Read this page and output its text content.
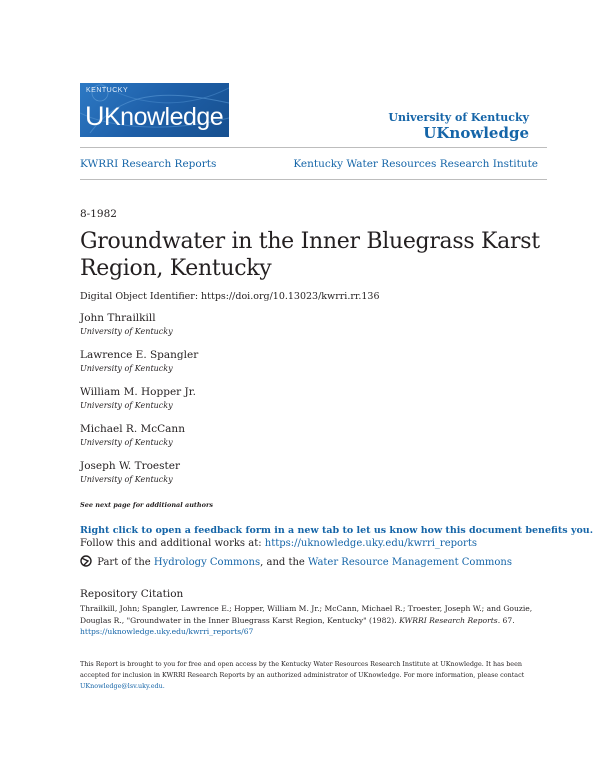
KENTUCKY
UKnowledge	University of Kentucky
UKnowledge
KWRRI Research Reports	Kentucky Water Resources Research Institute
8-1982
Groundwater in the Inner Bluegrass Karst Region, Kentucky
Digital Object Identifier: https://doi.org/10.13023/kwrri.rr.136
John Thrailkill
University of Kentucky
Lawrence E. Spangler
University of Kentucky
William M. Hopper Jr.
University of Kentucky
Michael R. McCann
University of Kentucky
Joseph W. Troester
University of Kentucky
See next page for additional authors
Right click to open a feedback form in a new tab to let us know how this document benefits you.
Follow this and additional works at: https://uknowledge.uky.edu/kwrri_reports
Part of the Hydrology Commons, and the Water Resource Management Commons
Repository Citation
Thrailkill, John; Spangler, Lawrence E.; Hopper, William M. Jr.; McCann, Michael R.; Troester, Joseph W.; and Gouzie, Douglas R., "Groundwater in the Inner Bluegrass Karst Region, Kentucky" (1982). KWRRI Research Reports. 67.
https://uknowledge.uky.edu/kwrri_reports/67
This Report is brought to you for free and open access by the Kentucky Water Resources Research Institute at UKnowledge. It has been accepted for inclusion in KWRRI Research Reports by an authorized administrator of UKnowledge. For more information, please contact
UKnowledge@lsv.uky.edu.
